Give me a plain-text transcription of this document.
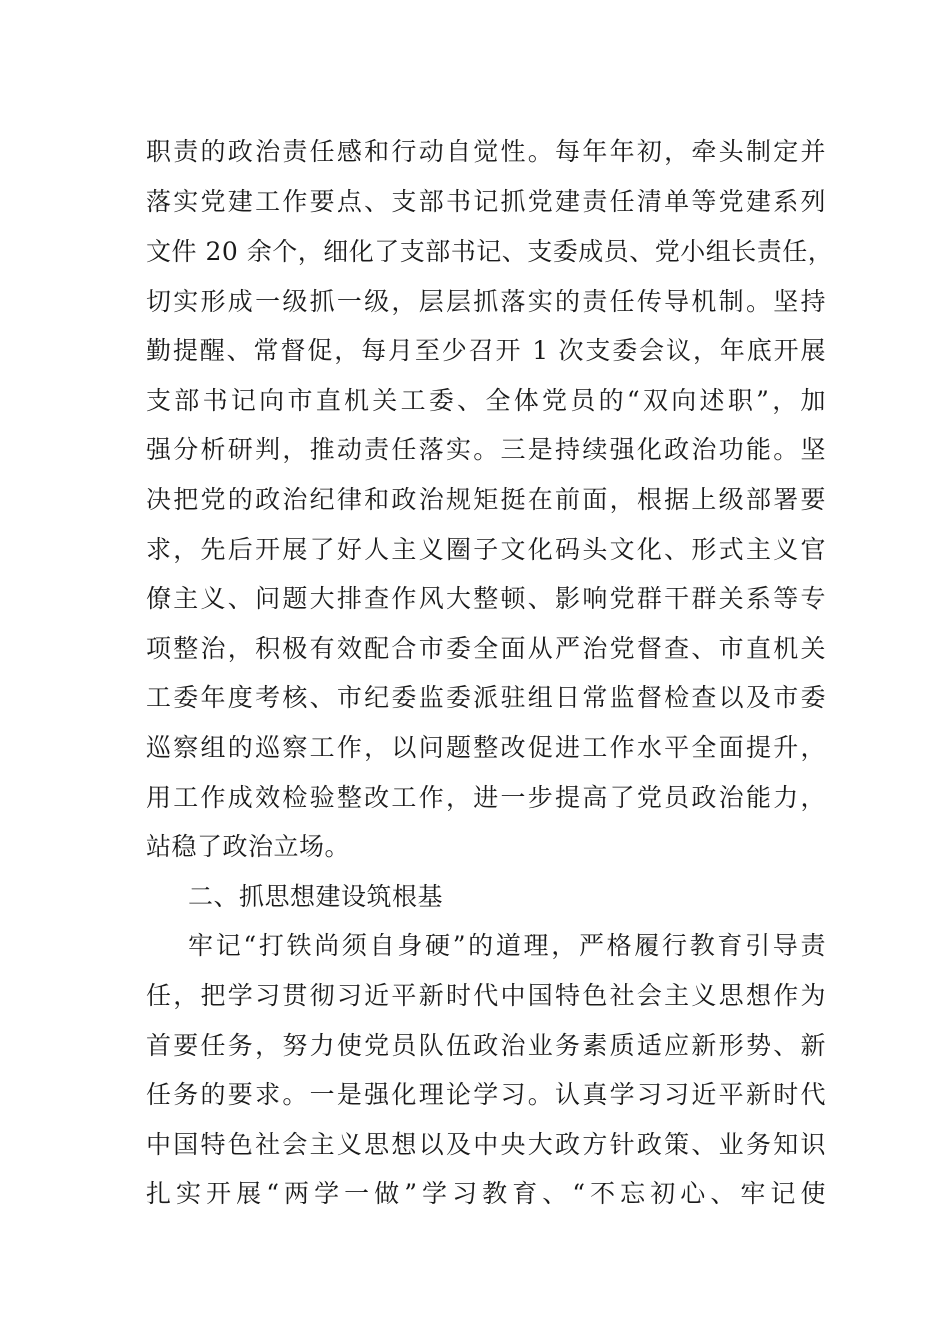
职责的政治责任感和行动自觉性。每年年初，牵头制定并
落实党建工作要点、支部书记抓党建责任清单等党建系列
文件 20 余个，细化了支部书记、支委成员、党小组长责任，
切实形成一级抓一级，层层抓落实的责任传导机制。坚持
勤提醒、常督促，每月至少召开 1 次支委会议，年底开展
支部书记向市直机关工委、全体党员的“双向述职”，加
强分析研判，推动责任落实。三是持续强化政治功能。坚
决把党的政治纪律和政治规矩挺在前面，根据上级部署要
求，先后开展了好人主义圈子文化码头文化、形式主义官
僚主义、问题大排查作风大整顿、影响党群干群关系等专
项整治，积极有效配合市委全面从严治党督查、市直机关
工委年度考核、市纪委监委派驻组日常监督检查以及市委
巡察组的巡察工作，以问题整改促进工作水平全面提升，
用工作成效检验整改工作，进一步提高了党员政治能力，
站稳了政治立场。
二、抓思想建设筑根基
牢记“打铁尚须自身硬”的道理，严格履行教育引导责
任，把学习贯彻习近平新时代中国特色社会主义思想作为
首要任务，努力使党员队伍政治业务素质适应新形势、新
任务的要求。一是强化理论学习。认真学习习近平新时代
中国特色社会主义思想以及中央大政方针政策、业务知识
扎实开展“两学一做”学习教育、“不忘初心、牢记使
